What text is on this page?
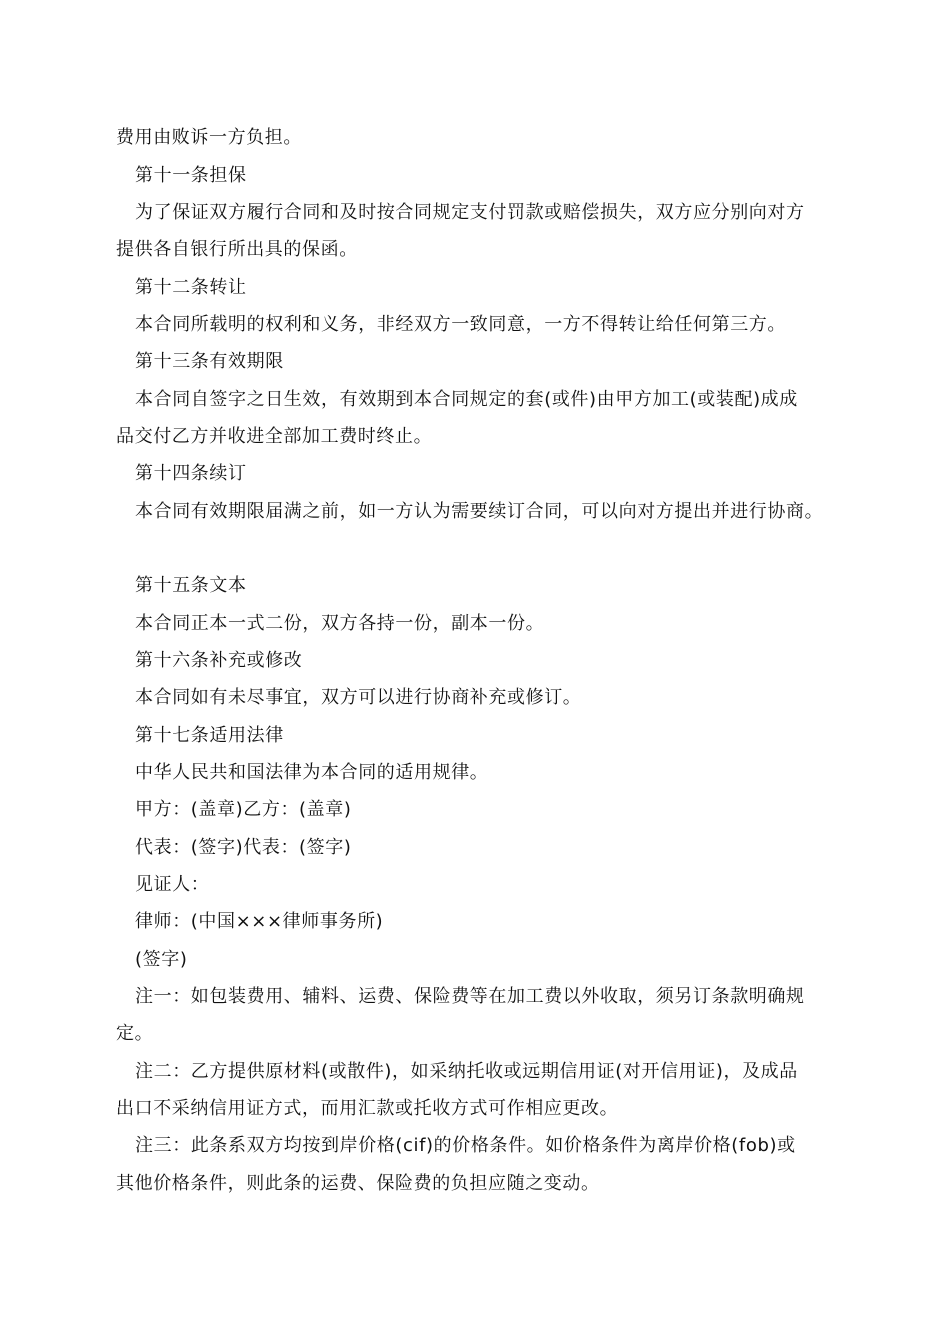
费用由败诉一方负担。
第十一条担保
为了保证双方履行合同和及时按合同规定支付罚款或赔偿损失，双方应分别向对方
提供各自银行所出具的保函。
第十二条转让
本合同所载明的权利和义务，非经双方一致同意，一方不得转让给任何第三方。
第十三条有效期限
本合同自签字之日生效，有效期到本合同规定的套(或件)由甲方加工(或装配)成成
品交付乙方并收进全部加工费时终止。
第十四条续订
本合同有效期限届满之前，如一方认为需要续订合同，可以向对方提出并进行协商。
第十五条文本
本合同正本一式二份，双方各持一份，副本一份。
第十六条补充或修改
本合同如有未尽事宜，双方可以进行协商补充或修订。
第十七条适用法律
中华人民共和国法律为本合同的适用规律。
甲方：(盖章)乙方：(盖章)
代表：(签字)代表：(签字)
见证人：
律师：(中国×××律师事务所)
(签字)
注一：如包装费用、辅料、运费、保险费等在加工费以外收取，须另订条款明确规
定。
注二：乙方提供原材料(或散件)，如采纳托收或远期信用证(对开信用证)，及成品
出口不采纳信用证方式，而用汇款或托收方式可作相应更改。
注三：此条系双方均按到岸价格(cif)的价格条件。如价格条件为离岸价格(fob)或
其他价格条件，则此条的运费、保险费的负担应随之变动。
